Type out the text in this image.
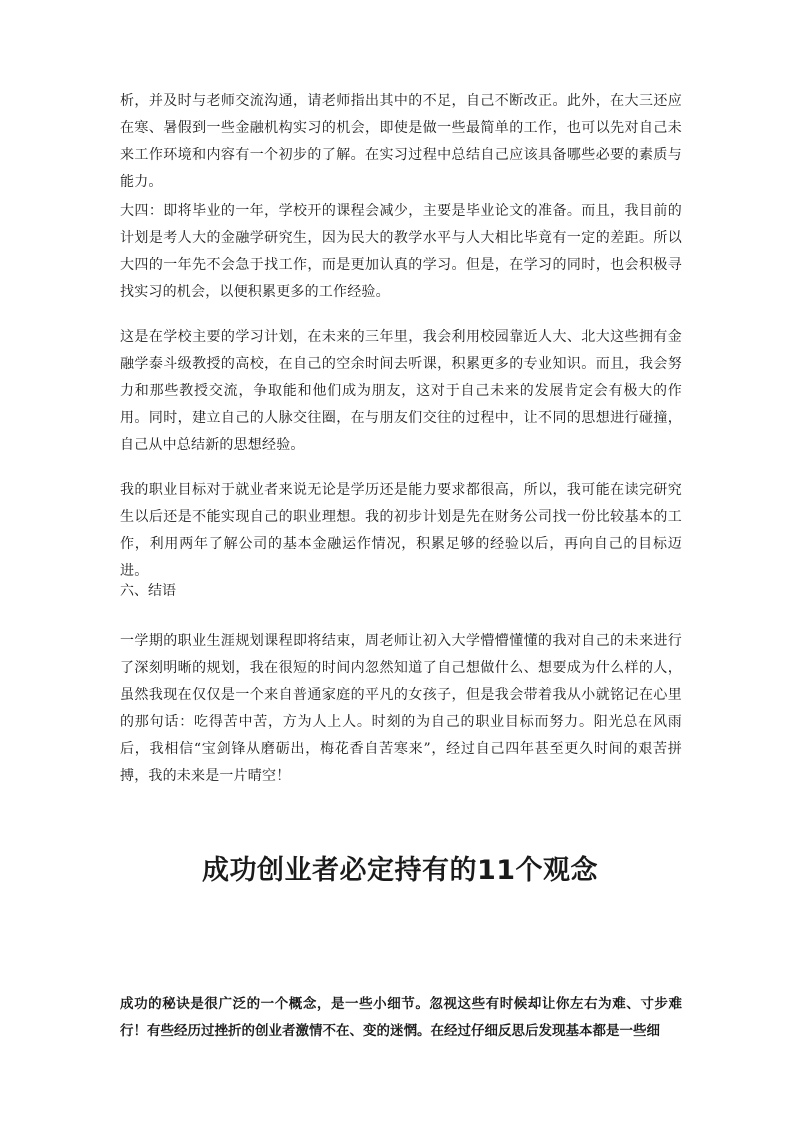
析，并及时与老师交流沟通，请老师指出其中的不足，自己不断改正。此外，在大三还应在寒、暑假到一些金融机构实习的机会，即使是做一些最简单的工作，也可以先对自己未来工作环境和内容有一个初步的了解。在实习过程中总结自己应该具备哪些必要的素质与能力。

大四：即将毕业的一年，学校开的课程会减少，主要是毕业论文的准备。而且，我目前的计划是考人大的金融学研究生，因为民大的教学水平与人大相比毕竟有一定的差距。所以大四的一年先不会急于找工作，而是更加认真的学习。但是，在学习的同时，也会积极寻找实习的机会，以便积累更多的工作经验。

这是在学校主要的学习计划，在未来的三年里，我会利用校园靠近人大、北大这些拥有金融学泰斗级教授的高校，在自己的空余时间去听课，积累更多的专业知识。而且，我会努力和那些教授交流，争取能和他们成为朋友，这对于自己未来的发展肯定会有极大的作用。同时，建立自己的人脉交往圈，在与朋友们交往的过程中，让不同的思想进行碰撞，自己从中总结新的思想经验。

我的职业目标对于就业者来说无论是学历还是能力要求都很高，所以，我可能在读完研究生以后还是不能实现自己的职业理想。我的初步计划是先在财务公司找一份比较基本的工作，利用两年了解公司的基本金融运作情况，积累足够的经验以后，再向自己的目标迈进。

六、结语

一学期的职业生涯规划课程即将结束，周老师让初入大学懵懵懂懂的我对自己的未来进行了深刻明晰的规划，我在很短的时间内忽然知道了自己想做什么、想要成为什么样的人，虽然我现在仅仅是一个来自普通家庭的平凡的女孩子，但是我会带着我从小就铭记在心里的那句话：吃得苦中苦，方为人上人。时刻的为自己的职业目标而努力。阳光总在风雨后，我相信“宝剑锋从磨砺出，梅花香自苦寒来”，经过自己四年甚至更久时间的艰苦拼搏，我的未来是一片晴空！

成功创业者必定持有的11个观念

成功的秘诀是很广泛的一个概念，是一些小细节。忽视这些有时候却让你左右为难、寸步难行！有些经历过挫折的创业者激情不在、变的迷惘。在经过仔细反思后发现基本都是一些细
